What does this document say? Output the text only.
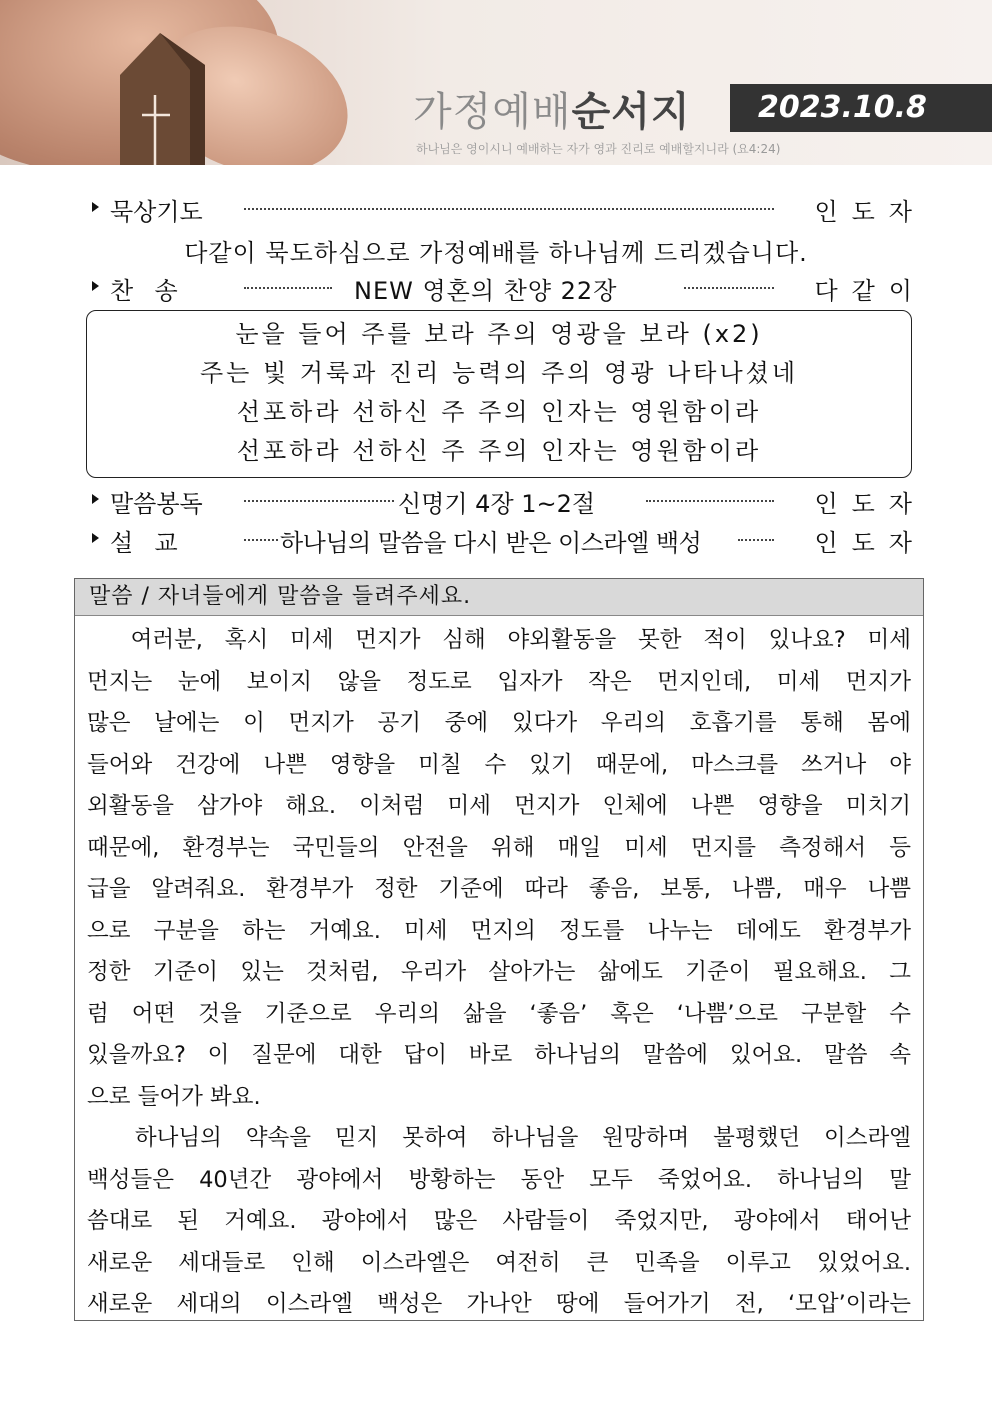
가정예배순서지	2023.10.8
하나님은 영이시니 예배하는 자가 영과 진리로 예배할지니라 (요4:24)
묵상기도	인도자
다같이 묵도하심으로 가정예배를 하나님께 드리겠습니다.
찬  송	NEW 영혼의 찬양 22장	다같이
눈을 들어 주를 보라 주의 영광을 보라 (x2)
주는 빛 거룩과 진리 능력의 주의 영광 나타나셨네
선포하라 선하신 주 주의 인자는 영원함이라
선포하라 선하신 주 주의 인자는 영원함이라
말씀봉독	신명기 4장 1~2절	인도자
설  교	하나님의 말씀을 다시 받은 이스라엘 백성	인도자
말씀 / 자녀들에게 말씀을 들려주세요.
여러분, 혹시 미세 먼지가 심해 야외활동을 못한 적이 있나요? 미세
먼지는 눈에 보이지 않을 정도로 입자가 작은 먼지인데, 미세 먼지가
많은 날에는 이 먼지가 공기 중에 있다가 우리의 호흡기를 통해 몸에
들어와 건강에 나쁜 영향을 미칠 수 있기 때문에, 마스크를 쓰거나 야
외활동을 삼가야 해요. 이처럼 미세 먼지가 인체에 나쁜 영향을 미치기
때문에, 환경부는 국민들의 안전을 위해 매일 미세 먼지를 측정해서 등
급을 알려줘요. 환경부가 정한 기준에 따라 좋음, 보통, 나쁨, 매우 나쁨
으로 구분을 하는 거예요. 미세 먼지의 정도를 나누는 데에도 환경부가
정한 기준이 있는 것처럼, 우리가 살아가는 삶에도 기준이 필요해요. 그
럼 어떤 것을 기준으로 우리의 삶을 ‘좋음’ 혹은 ‘나쁨’으로 구분할 수
있을까요? 이 질문에 대한 답이 바로 하나님의 말씀에 있어요. 말씀 속
으로 들어가 봐요.
하나님의 약속을 믿지 못하여 하나님을 원망하며 불평했던 이스라엘
백성들은 40년간 광야에서 방황하는 동안 모두 죽었어요. 하나님의 말
씀대로 된 거예요. 광야에서 많은 사람들이 죽었지만, 광야에서 태어난
새로운 세대들로 인해 이스라엘은 여전히 큰 민족을 이루고 있었어요.
새로운 세대의 이스라엘 백성은 가나안 땅에 들어가기 전, ‘모압’이라는
